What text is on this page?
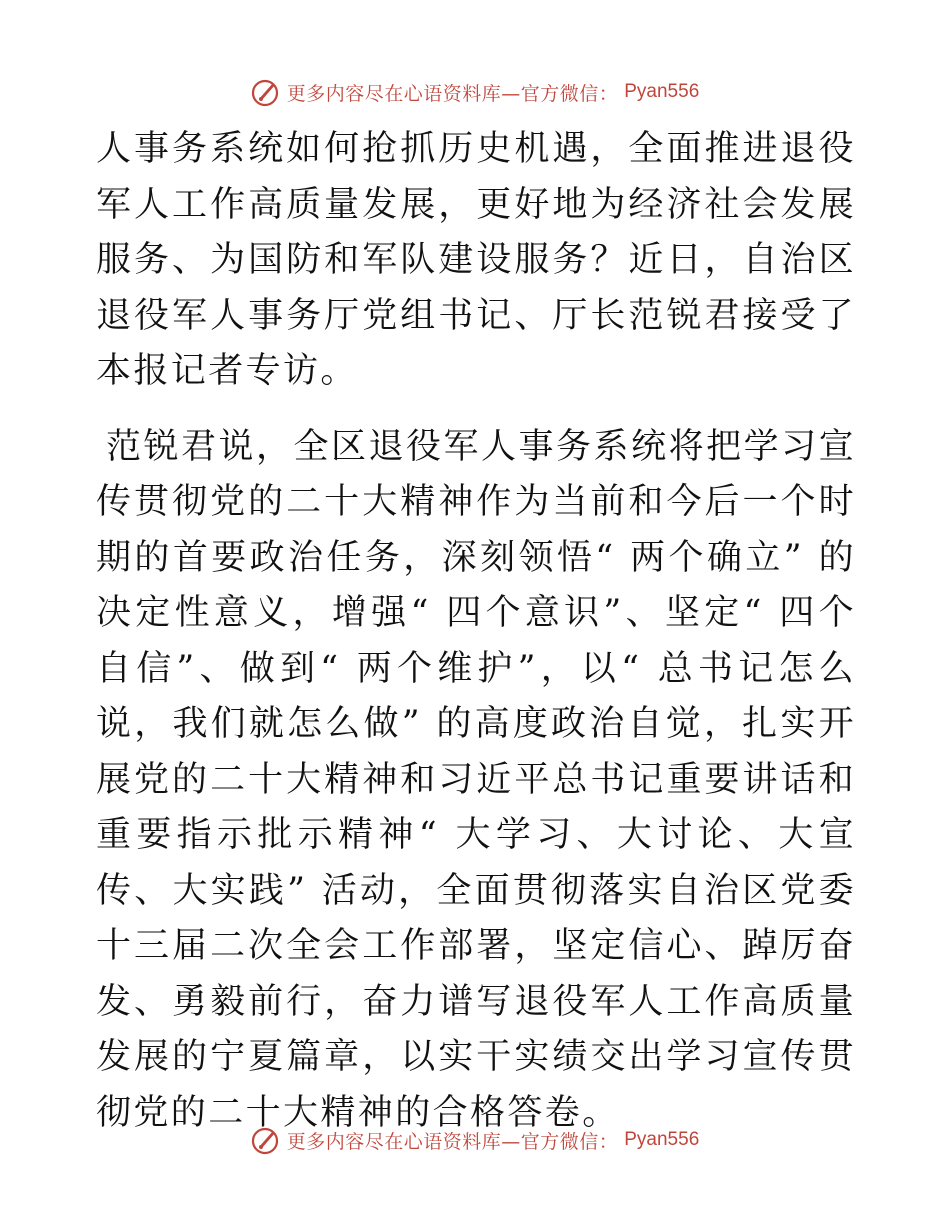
更多内容尽在心语资料库—官方微信： Pyan556

人事务系统如何抢抓历史机遇，全面推进退役军人工作高质量发展，更好地为经济社会发展服务、为国防和军队建设服务？近日，自治区退役军人事务厅党组书记、厅长范锐君接受了本报记者专访。

范锐君说，全区退役军人事务系统将把学习宣传贯彻党的二十大精神作为当前和今后一个时期的首要政治任务，深刻领悟“ 两个确立” 的决定性意义，增强“ 四个意识”、坚定“ 四个自信”、做到“ 两个维护”，以“ 总书记怎么说，我们就怎么做” 的高度政治自觉，扎实开展党的二十大精神和习近平总书记重要讲话和重要指示批示精神“ 大学习、大讨论、大宣传、大实践” 活动，全面贯彻落实自治区党委十三届二次全会工作部署，坚定信心、踔厉奋发、勇毅前行，奋力谱写退役军人工作高质量发展的宁夏篇章，以实干实绩交出学习宣传贯彻党的二十大精神的合格答卷。

更多内容尽在心语资料库—官方微信： Pyan556
